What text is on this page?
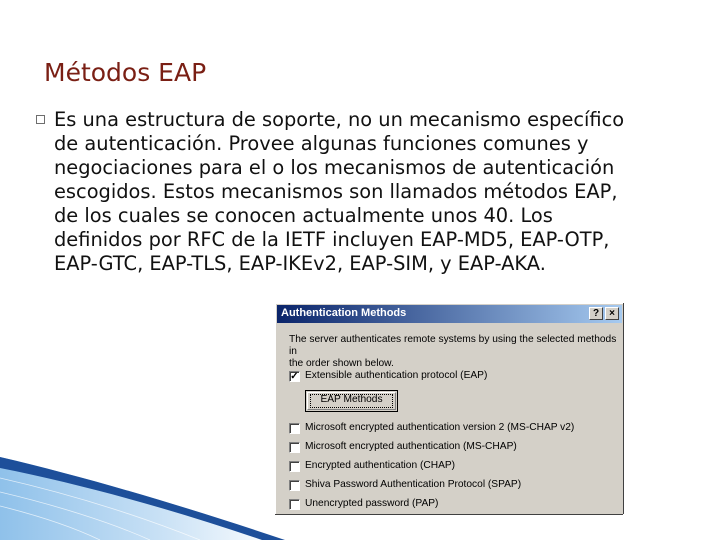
Métodos EAP

Es una estructura de soporte, no un mecanismo específico
de autenticación. Provee algunas funciones comunes y
negociaciones para el o los mecanismos de autenticación
escogidos. Estos mecanismos son llamados métodos EAP,
de los cuales se conocen actualmente unos 40. Los
definidos por RFC de la IETF incluyen EAP-MD5, EAP-OTP,
EAP-GTC, EAP-TLS, EAP-IKEv2, EAP-SIM, y EAP-AKA.

Authentication Methods	?	×

The server authenticates remote systems by using the selected methods in
the order shown below.

✓ Extensible authentication protocol (EAP)
EAP Methods
Microsoft encrypted authentication version 2 (MS-CHAP v2)
Microsoft encrypted authentication (MS-CHAP)
Encrypted authentication (CHAP)
Shiva Password Authentication Protocol (SPAP)
Unencrypted password (PAP)
